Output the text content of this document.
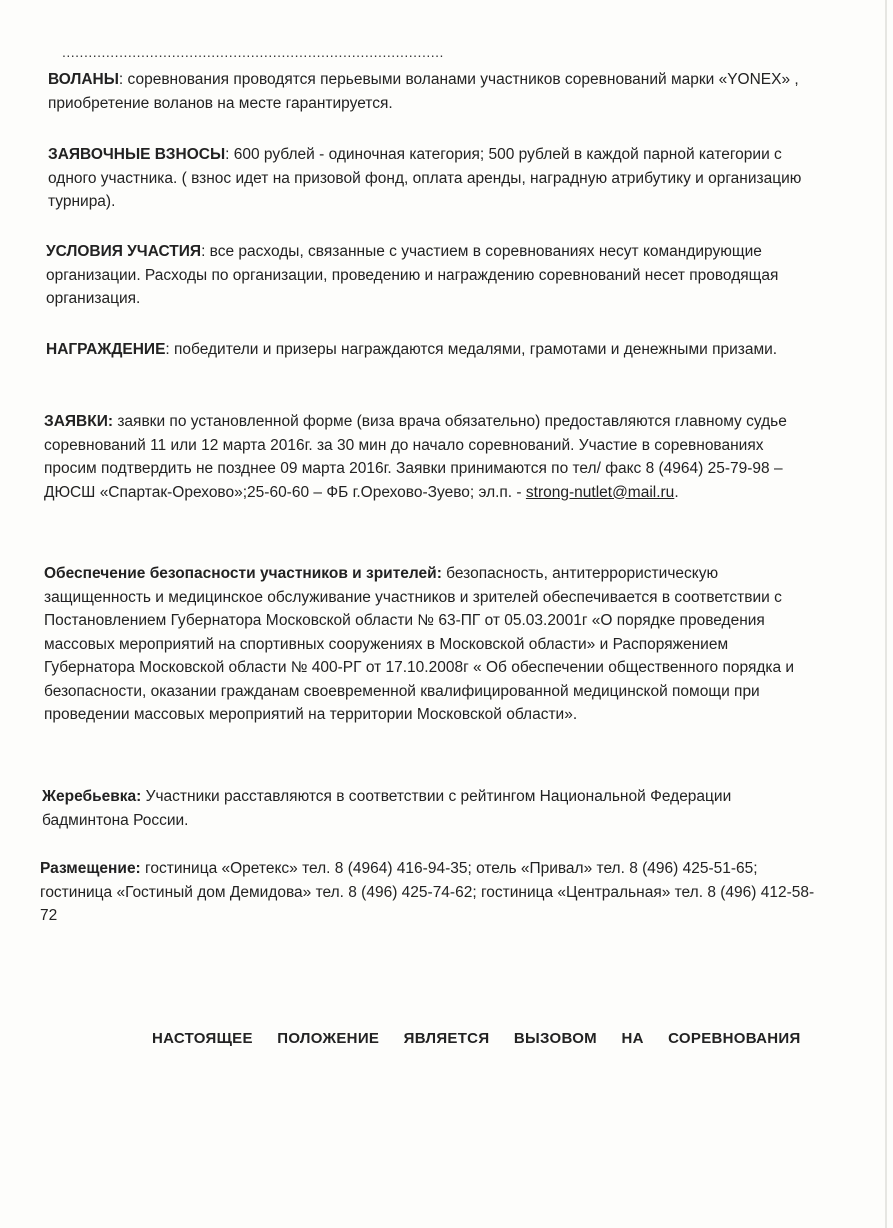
.......................................................................................

ВОЛАНЫ: соревнования проводятся перьевыми воланами участников соревнований марки «YONEX» , приобретение воланов на месте гарантируется.

ЗАЯВОЧНЫЕ ВЗНОСЫ: 600 рублей - одиночная категория; 500 рублей в каждой парной категории с одного участника. ( взнос идет на призовой фонд, оплата аренды, наградную атрибутику и организацию турнира).

УСЛОВИЯ УЧАСТИЯ: все расходы, связанные с участием в соревнованиях несут командирующие организации. Расходы по организации, проведению и награждению соревнований несет проводящая организация.

НАГРАЖДЕНИЕ: победители и призеры награждаются медалями, грамотами и денежными призами.

ЗАЯВКИ: заявки по установленной форме (виза врача обязательно) предоставляются главному судье соревнований 11 или 12 марта 2016г. за 30 мин до начало соревнований. Участие в соревнованиях просим подтвердить не позднее 09 марта 2016г. Заявки принимаются по тел/ факс 8 (4964) 25-79-98 – ДЮСШ «Спартак-Орехово»;25-60-60 – ФБ г.Орехово-Зуево; эл.п. - strong-nutlet@mail.ru.

Обеспечение безопасности участников и зрителей: безопасность, антитеррористическую защищенность и медицинское обслуживание участников и зрителей обеспечивается в соответствии с Постановлением Губернатора Московской области № 63-ПГ от 05.03.2001г «О порядке проведения массовых мероприятий на спортивных сооружениях в Московской области» и Распоряжением Губернатора Московской области № 400-РГ от 17.10.2008г « Об обеспечении общественного порядка и безопасности, оказании гражданам своевременной квалифицированной медицинской помощи при проведении массовых мероприятий на территории Московской области».

Жеребьевка: Участники расставляются в соответствии с рейтингом Национальной Федерации бадминтона России.

Размещение: гостиница «Оретекс» тел. 8 (4964) 416-94-35; отель «Привал» тел. 8 (496) 425-51-65; гостиница «Гостиный дом Демидова» тел. 8 (496) 425-74-62; гостиница «Центральная» тел. 8 (496) 412-58-72

НАСТОЯЩЕЕ ПОЛОЖЕНИЕ ЯВЛЯЕТСЯ ВЫЗОВОМ НА СОРЕВНОВАНИЯ
